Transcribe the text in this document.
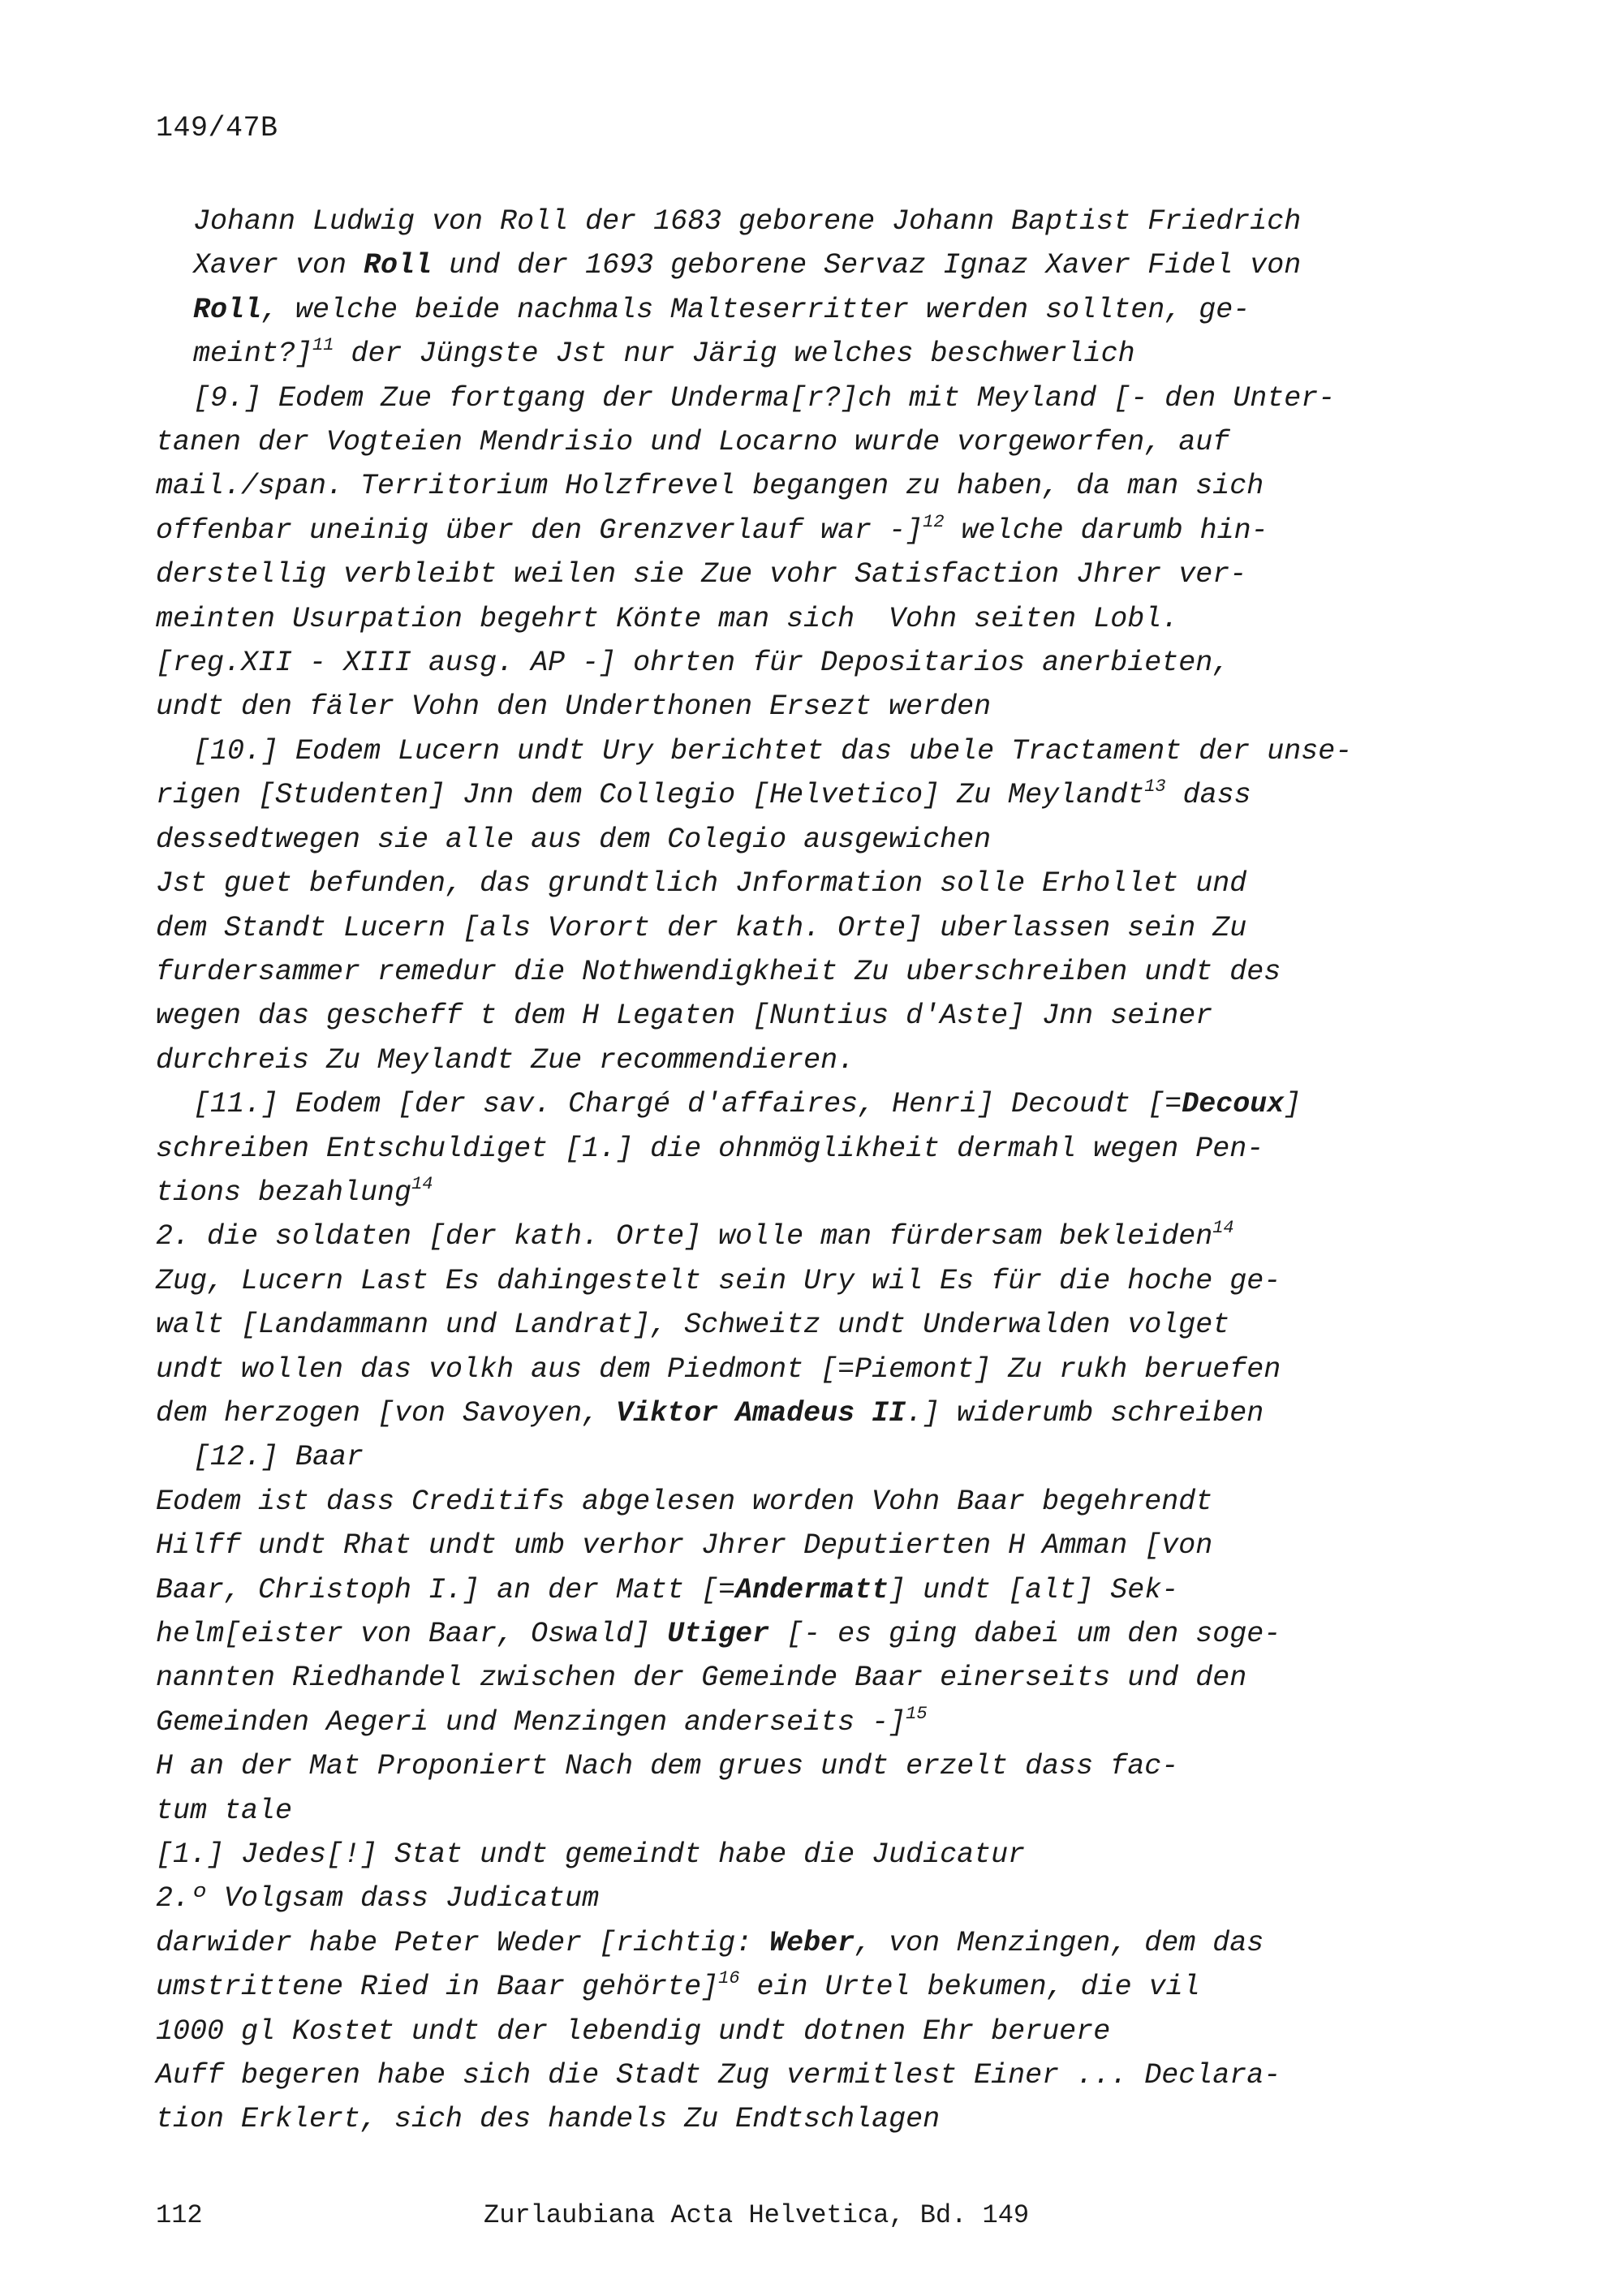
149/47B
Johann Ludwig von Roll der 1683 geborene Johann Baptist Friedrich
Xaver von Roll und der 1693 geborene Servaz Ignaz Xaver Fidel von
Roll, welche beide nachmals Malteserritter werden sollten, ge-
meint?]$^{11}$ der Jüngste Jst nur Järig welches beschwerlich
[9.] Eodem Zue fortgang der Underma[r?]ch mit Meyland [- den Unter-
tanen der Vogteien Mendrisio und Locarno wurde vorgeworfen, auf
mail./span. Territorium Holzfrevel begangen zu haben, da man sich
offenbar uneinig über den Grenzverlauf war -]$^{12}$ welche darumb hin-
derstellig verbleibt weilen sie Zue vohr Satisfaction Jhrer ver-
meinten Usurpation begehrt Könte man sich  Vohn seiten Lobl.
[reg.XII - XIII ausg. AP -] ohrten für Depositarios anerbieten,
undt den fäler Vohn den Underthonen Ersezt werden
[10.] Eodem Lucern undt Ury berichtet das ubele Tractament der unse-
rigen [Studenten] Jnn dem Collegio [Helvetico] Zu Meylandt$^{13}$ dass
dessedtwegen sie alle aus dem Colegio ausgewichen
Jst guet befunden, das grundtlich Jnformation solle Erhollet und
dem Standt Lucern [als Vorort der kath. Orte] uberlassen sein Zu
furdersammer remedur die Nothwendigkheit Zu uberschreiben undt des
wegen das gescheff t dem H Legaten [Nuntius d'Aste] Jnn seiner
durchreis Zu Meylandt Zue recommendieren.
[11.] Eodem [der sav. Chargé d'affaires, Henri] Decoudt [=Decoux]
schreiben Entschuldiget [1.] die ohnmöglikheit dermahl wegen Pen-
tions bezahlung$^{14}$
2. die soldaten [der kath. Orte] wolle man fürdersam bekleiden$^{14}$
Zug, Lucern Last Es dahingestelt sein Ury wil Es für die hoche ge-
walt [Landammann und Landrat], Schweitz undt Underwalden volget
undt wollen das volkh aus dem Piedmont [=Piemont] Zu rukh beruefen
dem herzogen [von Savoyen, Viktor Amadeus II.] widerumb schreiben
[12.] Baar
Eodem ist dass Creditifs abgelesen worden Vohn Baar begehrendt
Hilff undt Rhat undt umb verhor Jhrer Deputierten H Amman [von
Baar, Christoph I.] an der Matt [=Andermatt] undt [alt] Sek-
helm[eister von Baar, Oswald] Utiger [- es ging dabei um den soge-
nannten Riedhandel zwischen der Gemeinde Baar einerseits und den
Gemeinden Aegeri und Menzingen anderseits -]$^{15}$
H an der Mat Proponiert Nach dem grues undt erzelt dass fac-
tum tale
[1.] Jedes[!] Stat undt gemeindt habe die Judicatur
2.º Volgsam dass Judicatum
darwider habe Peter Weder [richtig: Weber, von Menzingen, dem das
umstrittene Ried in Baar gehörte]$^{16}$ ein Urtel bekumen, die vil
1000 gl Kostet undt der lebendig undt dotnen Ehr beruere
Auff begeren habe sich die Stadt Zug vermitlest Einer ... Declara-
tion Erklert, sich des handels Zu Endtschlagen
112	Zurlaubiana Acta Helvetica, Bd. 149
